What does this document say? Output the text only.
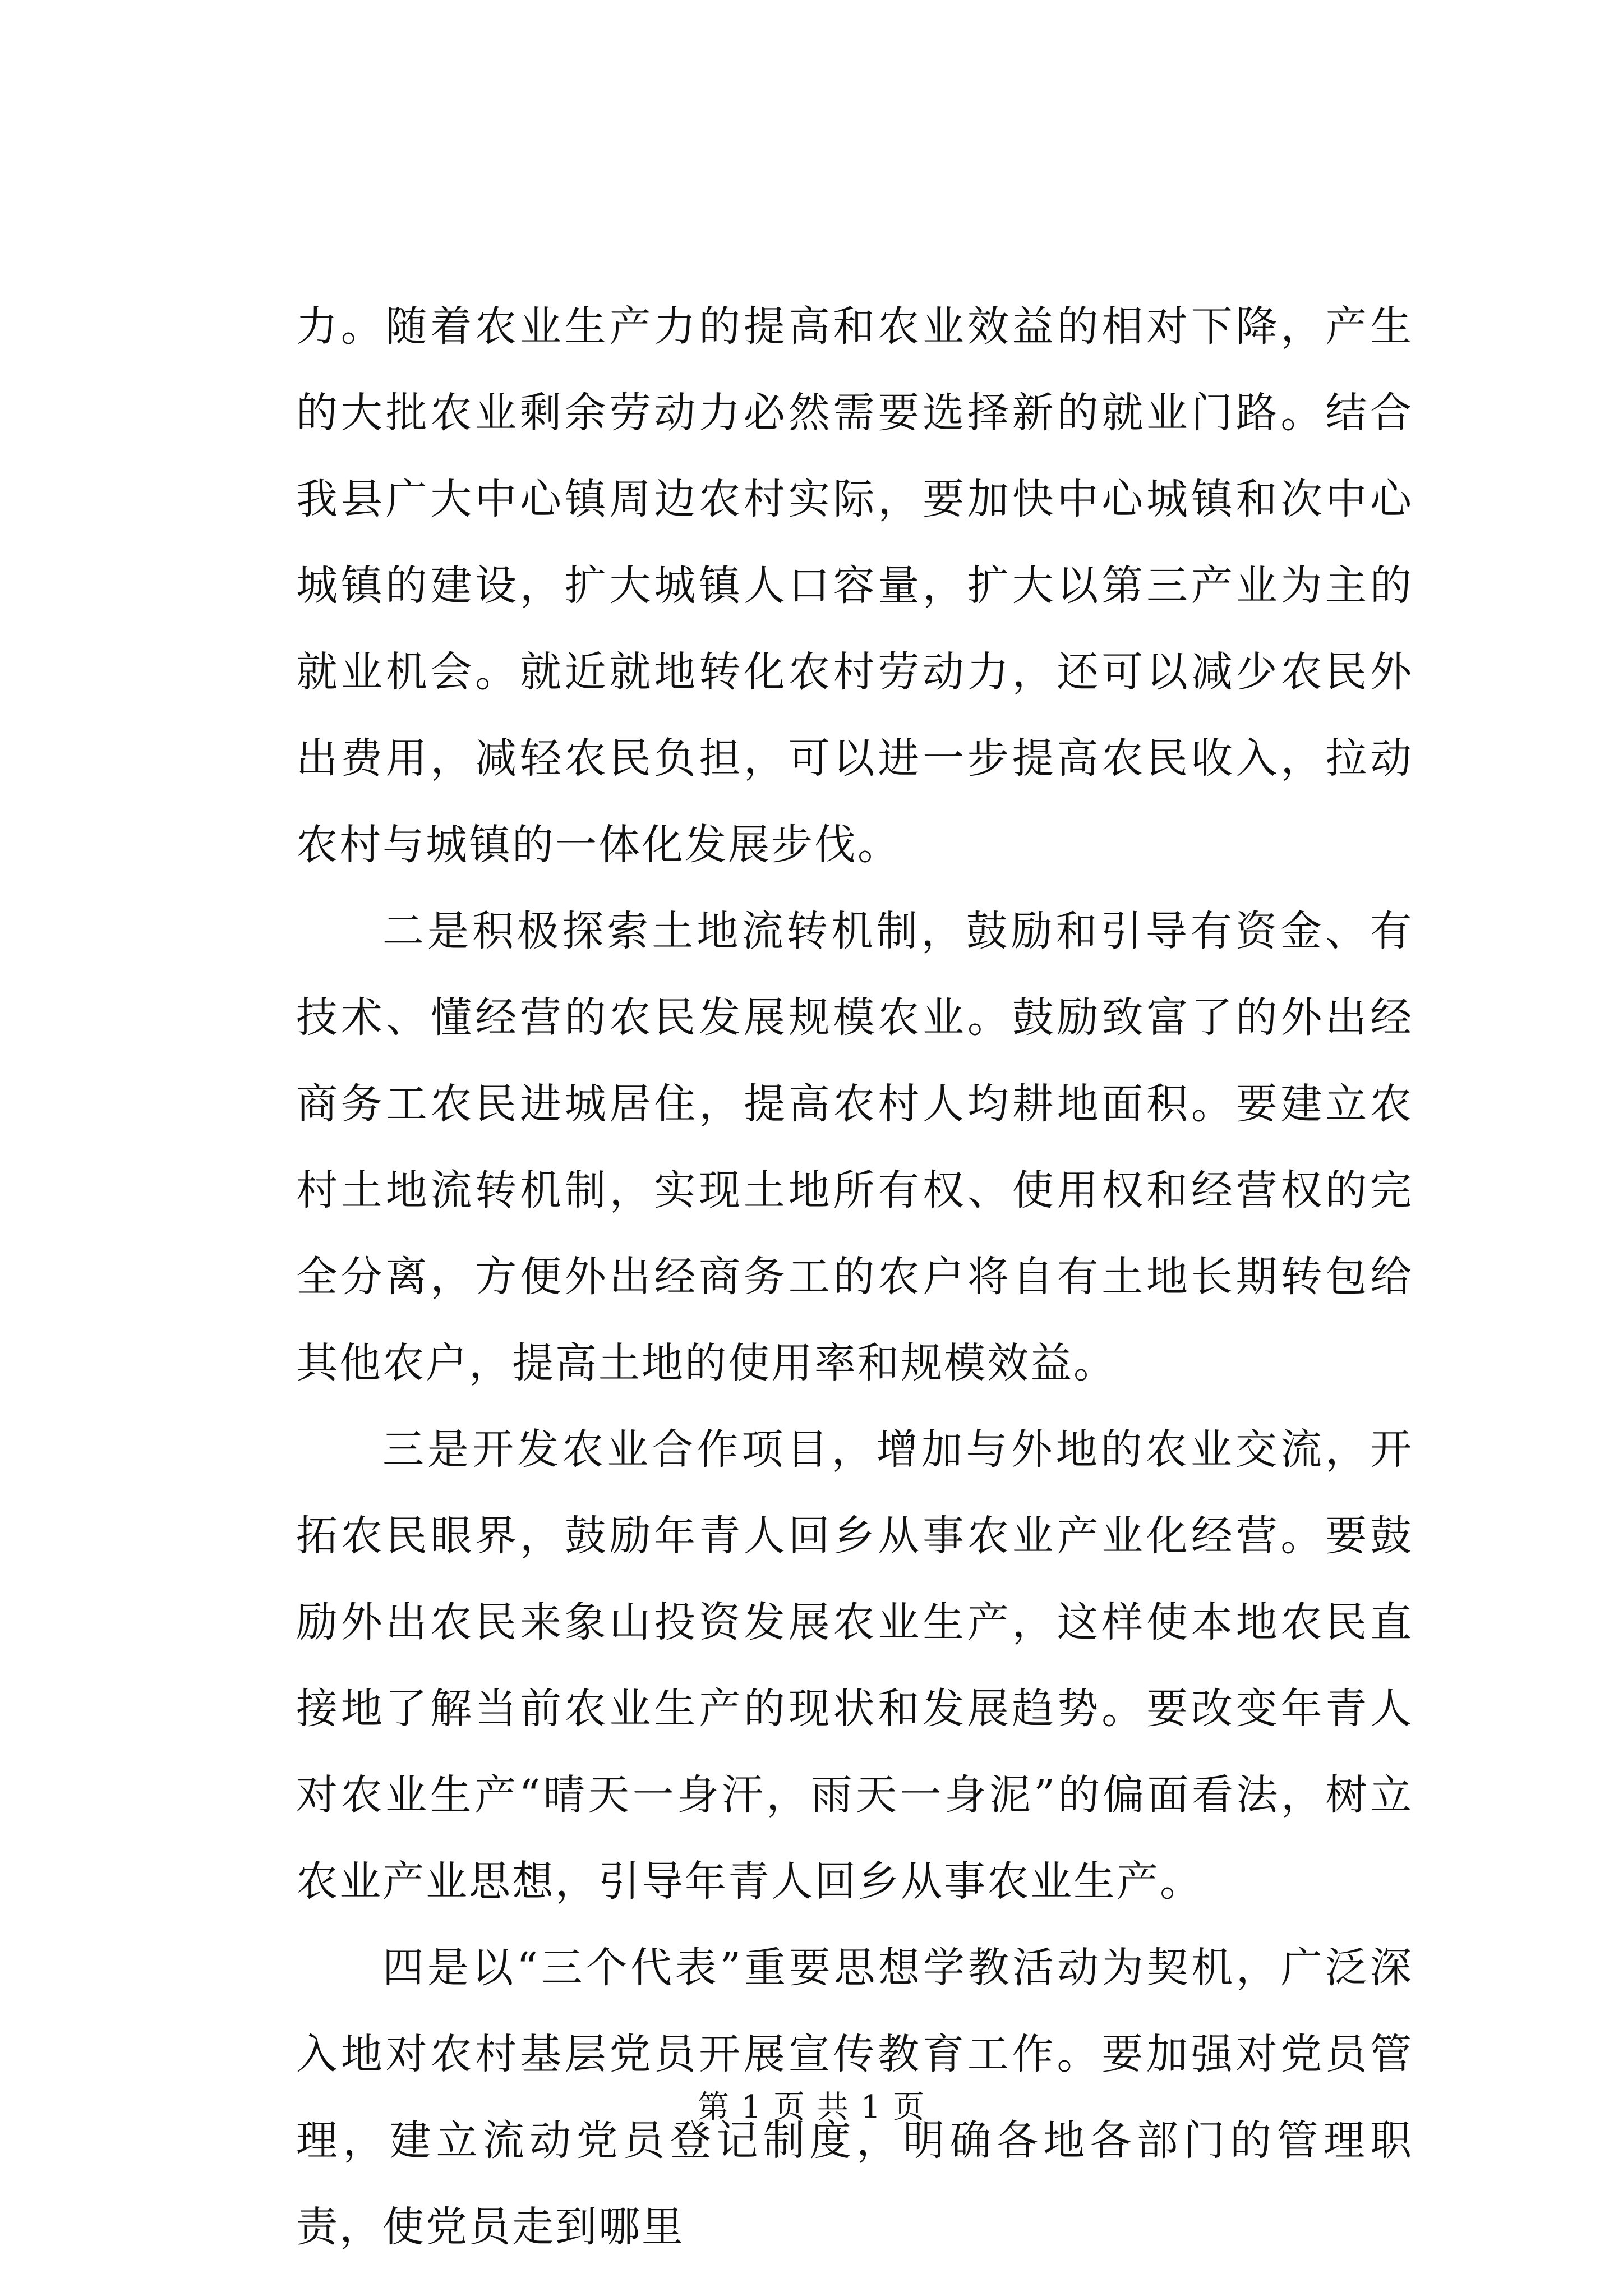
力。随着农业生产力的提高和农业效益的相对下降，产生的大批农业剩余劳动力必然需要选择新的就业门路。结合我县广大中心镇周边农村实际，要加快中心城镇和次中心城镇的建设，扩大城镇人口容量，扩大以第三产业为主的就业机会。就近就地转化农村劳动力，还可以减少农民外出费用，减轻农民负担，可以进一步提高农民收入，拉动农村与城镇的一体化发展步伐。

二是积极探索土地流转机制，鼓励和引导有资金、有技术、懂经营的农民发展规模农业。鼓励致富了的外出经商务工农民进城居住，提高农村人均耕地面积。要建立农村土地流转机制，实现土地所有权、使用权和经营权的完全分离，方便外出经商务工的农户将自有土地长期转包给其他农户，提高土地的使用率和规模效益。

三是开发农业合作项目，增加与外地的农业交流，开拓农民眼界，鼓励年青人回乡从事农业产业化经营。要鼓励外出农民来象山投资发展农业生产，这样使本地农民直接地了解当前农业生产的现状和发展趋势。要改变年青人对农业生产“晴天一身汗，雨天一身泥”的偏面看法，树立农业产业思想，引导年青人回乡从事农业生产。

四是以“三个代表”重要思想学教活动为契机，广泛深入地对农村基层党员开展宣传教育工作。要加强对党员管理，建立流动党员登记制度，明确各地各部门的管理职责，使党员走到哪里

第 1 页 共 1 页
